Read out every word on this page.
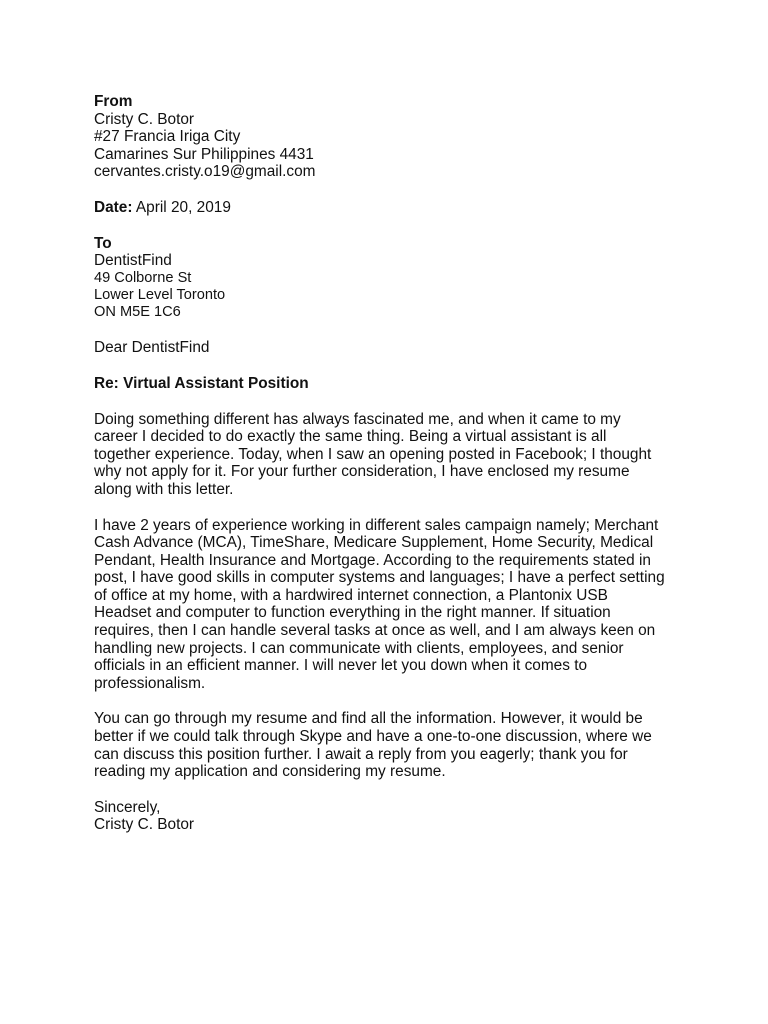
From
Cristy C. Botor
#27 Francia Iriga City
Camarines Sur Philippines 4431
cervantes.cristy.o19@gmail.com
Date: April 20, 2019
To
DentistFind
49 Colborne St
Lower Level Toronto
ON M5E 1C6
Dear DentistFind
Re: Virtual Assistant Position
Doing something different has always fascinated me, and when it came to my
career I decided to do exactly the same thing. Being a virtual assistant is all
together experience. Today, when I saw an opening posted in Facebook; I thought
why not apply for it. For your further consideration, I have enclosed my resume
along with this letter.
I have 2 years of experience working in different sales campaign namely; Merchant
Cash Advance (MCA), TimeShare, Medicare Supplement, Home Security, Medical
Pendant, Health Insurance and Mortgage. According to the requirements stated in
post, I have good skills in computer systems and languages; I have a perfect setting
of office at my home, with a hardwired internet connection, a Plantonix USB
Headset and computer to function everything in the right manner. If situation
requires, then I can handle several tasks at once as well, and I am always keen on
handling new projects. I can communicate with clients, employees, and senior
officials in an efficient manner. I will never let you down when it comes to
professionalism.
You can go through my resume and find all the information. However, it would be
better if we could talk through Skype and have a one-to-one discussion, where we
can discuss this position further. I await a reply from you eagerly; thank you for
reading my application and considering my resume.
Sincerely,
Cristy C. Botor
